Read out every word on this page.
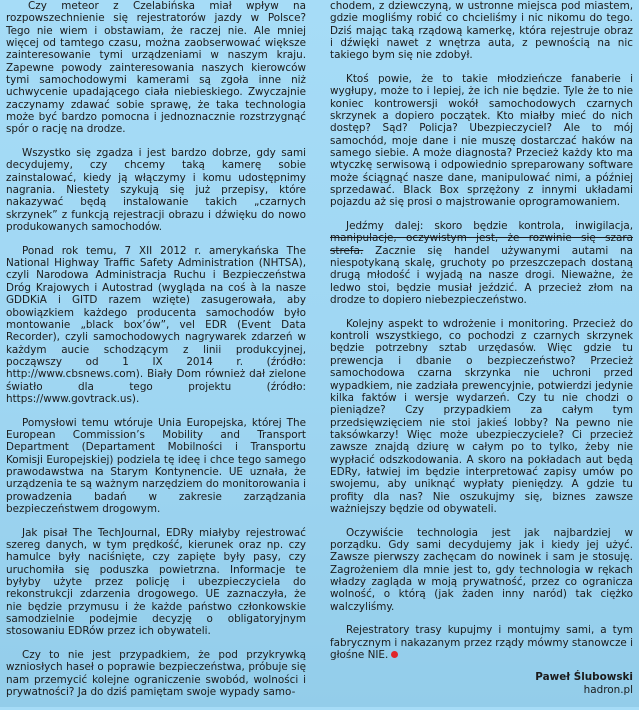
Czy meteor z Czelabińska miał wpływ na rozpowszechnienie się rejestratorów jazdy w Polsce? Tego nie wiem i obstawiam, że raczej nie. Ale mniej więcej od tamtego czasu, można zaobserwować większe zainteresowanie tymi urządzeniami w naszym kraju. Zapewne powody zainteresowania naszych kierowców tymi samochodowymi kamerami są zgoła inne niż uchwycenie upadającego ciała niebieskiego. Zwyczajnie zaczynamy zdawać sobie sprawę, że taka technologia może być bardzo pomocna i jednoznacznie rozstrzygnąć spór o rację na drodze.

Wszystko się zgadza i jest bardzo dobrze, gdy sami decydujemy, czy chcemy taką kamerę sobie zainstalować, kiedy ją włączymy i komu udostępnimy nagrania. Niestety szykują się już przepisy, które nakazywać będą instalowanie takich „czarnych skrzynek” z funkcją rejestracji obrazu i dźwięku do nowo produkowanych samochodów.

Ponad rok temu, 7 XII 2012 r. amerykańska The National Highway Traffic Safety Administration (NHTSA), czyli Narodowa Administracja Ruchu i Bezpieczeństwa Dróg Krajowych i Autostrad (wygląda na coś à la nasze GDDKiA i GITD razem wzięte) zasugerowała, aby obowiązkiem każdego producenta samochodów było montowanie „black box’ów”, vel EDR (Event Data Recorder), czyli samochodowych nagrywarek zdarzeń w każdym aucie schodzącym z linii produkcyjnej, począwszy od 1 IX 2014 r. (źródło: http://www.cbsnews.com). Biały Dom również dał zielone światło dla tego projektu (źródło: https://www.govtrack.us).

Pomysłowi temu wtóruje Unia Europejska, której The European Commission’s Mobility and Transport Department (Departament Mobilności i Transportu Komisji Europejskiej) podziela tę ideę i chce tego samego prawodawstwa na Starym Kontynencie. UE uznała, że urządzenia te są ważnym narzędziem do monitorowania i prowadzenia badań w zakresie zarządzania bezpieczeństwem drogowym.

Jak pisał The TechJournal, EDRy miałyby rejestrować szereg danych, w tym prędkość, kierunek oraz np. czy hamulce były naciśnięte, czy zapięte były pasy, czy uruchomiła się poduszka powietrzna. Informacje te byłyby użyte przez policję i ubezpieczyciela do rekonstrukcji zdarzenia drogowego. UE zaznaczyła, że nie będzie przymusu i że każde państwo członkowskie samodzielnie podejmie decyzję o obligatoryjnym stosowaniu EDRów przez ich obywateli.

Czy to nie jest przypadkiem, że pod przykrywką wzniosłych haseł o poprawie bezpieczeństwa, próbuje się nam przemycić kolejne ograniczenie swobód, wolności i prywatności? Ja do dziś pamiętam swoje wypady samo-

chodem, z dziewczyną, w ustronne miejsca pod miastem, gdzie mogliśmy robić co chcieliśmy i nic nikomu do tego. Dziś mając taką rządową kamerkę, która rejestruje obraz i dźwięki nawet z wnętrza auta, z pewnością na nic takiego bym się nie zdobył.

Ktoś powie, że to takie młodzieńcze fanaberie i wygłupy, może to i lepiej, że ich nie będzie. Tyle że to nie koniec kontrowersji wokół samochodowych czarnych skrzynek a dopiero początek. Kto miałby mieć do nich dostęp? Sąd? Policja? Ubezpieczyciel? Ale to mój samochód, moje dane i nie muszę dostarczać haków na samego siebie. A może diagnosta? Przecież każdy kto ma wtyczkę serwisową i odpowiednio spreparowany software może ściągnąć nasze dane, manipulować nimi, a później sprzedawać. Black Box sprzężony z innymi układami pojazdu aż się prosi o majstrowanie oprogramowaniem.

Jedźmy dalej: skoro będzie kontrola, inwigilacja, manipulacje, oczywistym jest, że rozwinie się szara strefa. Zacznie się handel używanymi autami na niespotykaną skalę, gruchoty po przeszczepach dostaną drugą młodość i wyjadą na nasze drogi. Nieważne, że ledwo stoi, będzie musiał jeździć. A przecież złom na drodze to dopiero niebezpieczeństwo.

Kolejny aspekt to wdrożenie i monitoring. Przecież do kontroli wszystkiego, co pochodzi z czarnych skrzynek będzie potrzebny sztab urzędasów. Więc gdzie tu prewencja i dbanie o bezpieczeństwo? Przecież samochodowa czarna skrzynka nie uchroni przed wypadkiem, nie zadziała prewencyjnie, potwierdzi jedynie kilka faktów i wersje wydarzeń. Czy tu nie chodzi o pieniądze? Czy przypadkiem za całym tym przedsięwzięciem nie stoi jakieś lobby? Na pewno nie taksówkarzy! Więc może ubezpieczyciele? Ci przecież zawsze znajdą dziurę w całym po to tylko, żeby nie wypłacić odszkodowania. A skoro na pokładach aut będą EDRy, łatwiej im będzie interpretować zapisy umów po swojemu, aby uniknąć wypłaty pieniędzy. A gdzie tu profity dla nas? Nie oszukujmy się, biznes zawsze ważniejszy będzie od obywateli.

Oczywiście technologia jest jak najbardziej w porządku. Gdy sami decydujemy jak i kiedy jej użyć. Zawsze pierwszy zachęcam do nowinek i sam je stosuję. Zagrożeniem dla mnie jest to, gdy technologia w rękach władzy zagląda w moją prywatność, przez co ogranicza wolność, o którą (jak żaden inny naród) tak ciężko walczyliśmy.

Rejestratory trasy kupujmy i montujmy sami, a tym fabrycznym i nakazanym przez rządy mówmy stanowcze i głośne NIE.

Paweł Ślubowski
hadron.pl
